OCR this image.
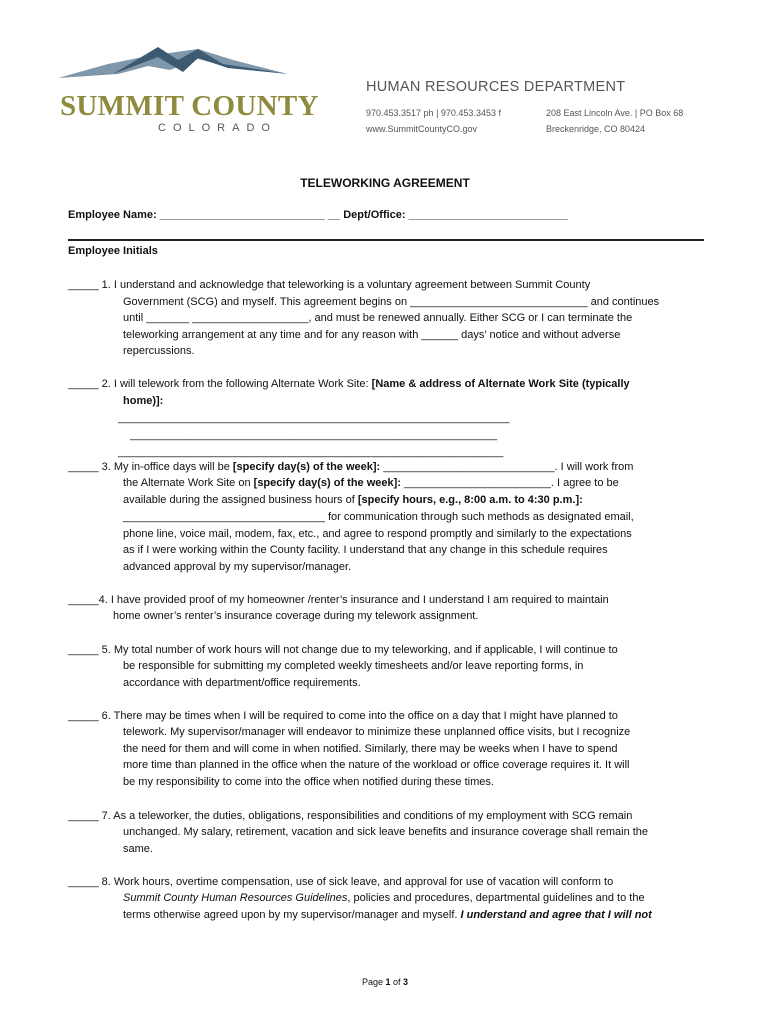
SUMMIT COUNTY
COLORADO
HUMAN RESOURCES DEPARTMENT
970.453.3517 ph | 970.453.3453 f
www.SummitCountyCO.gov
208 East Lincoln Ave. | PO Box 68
Breckenridge, CO 80424
TELEWORKING AGREEMENT
Employee Name: ___________________________ __ Dept/Office: __________________________
Employee Initials
_____ 1. I understand and acknowledge that teleworking is a voluntary agreement between Summit County
Government (SCG) and myself. This agreement begins on _____________________________ and continues
until _______ ___________________, and must be renewed annually. Either SCG or I can terminate the
teleworking arrangement at any time and for any reason with ______ days’ notice and without adverse
repercussions.
_____ 2. I will telework from the following Alternate Work Site: [Name & address of Alternate Work Site (typically
home)]:
________________________________________________________________
____________________________________________________________
_______________________________________________________________
_____ 3. My in-office days will be [specify day(s) of the week]: ____________________________. I will work from
the Alternate Work Site on [specify day(s) of the week]: ________________________. I agree to be
available during the assigned business hours of [specify hours, e.g., 8:00 a.m. to 4:30 p.m.]:
_________________________________ for communication through such methods as designated email,
phone line, voice mail, modem, fax, etc., and agree to respond promptly and similarly to the expectations
as if I were working within the County facility. I understand that any change in this schedule requires
advanced approval by my supervisor/manager.
_____4. I have provided proof of my homeowner /renter’s insurance and I understand I am required to maintain
home owner’s renter’s insurance coverage during my telework assignment.
_____ 5. My total number of work hours will not change due to my teleworking, and if applicable, I will continue to
be responsible for submitting my completed weekly timesheets and/or leave reporting forms, in
accordance with department/office requirements.
_____ 6. There may be times when I will be required to come into the office on a day that I might have planned to
telework. My supervisor/manager will endeavor to minimize these unplanned office visits, but I recognize
the need for them and will come in when notified. Similarly, there may be weeks when I have to spend
more time than planned in the office when the nature of the workload or office coverage requires it. It will
be my responsibility to come into the office when notified during these times.
_____ 7. As a teleworker, the duties, obligations, responsibilities and conditions of my employment with SCG remain
unchanged. My salary, retirement, vacation and sick leave benefits and insurance coverage shall remain the
same.
_____ 8. Work hours, overtime compensation, use of sick leave, and approval for use of vacation will conform to
Summit County Human Resources Guidelines, policies and procedures, departmental guidelines and to the
terms otherwise agreed upon by my supervisor/manager and myself. I understand and agree that I will not
Page 1 of 3
